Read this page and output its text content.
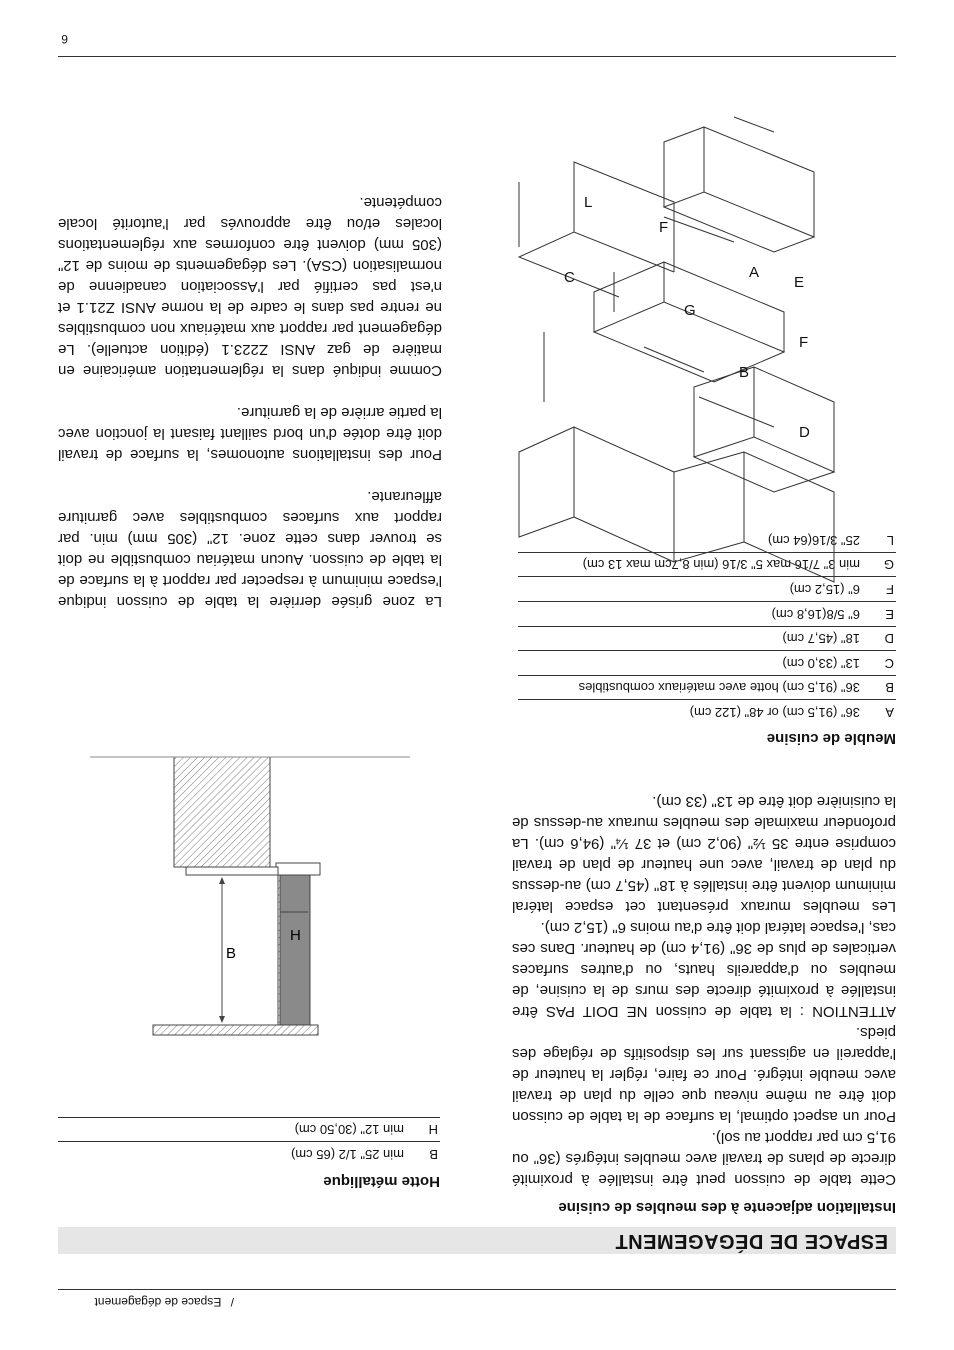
/ Espace de dégagement
ESPACE DE DÉGAGEMENT
Installation adjacente à des meubles de cuisine

Cette table de cuisson peut être installée à proximité directe de plans de travail avec meubles intégrés (36" ou 91,5 cm par rapport au sol).

Pour un aspect optimal, la surface de la table de cuisson doit être au même niveau que celle du plan de travail avec meuble intégré. Pour ce faire, régler la hauteur de l'appareil en agissant sur les dispositifs de réglage des pieds.

ATTENTION : la table de cuisson NE DOIT PAS être installée à proximité directe des murs de la cuisine, de meubles ou d'appareils hauts, ou d'autres surfaces verticales de plus de 36" (91,4 cm) de hauteur. Dans ces cas, l'espace latéral doit être d'au moins 6" (15,2 cm).

Les meubles muraux présentant cet espace latéral minimum doivent être installés à 18" (45,7 cm) au-dessus du plan de travail, avec une hauteur de plan de travail comprise entre 35 ½" (90,2 cm) et 37 ¼" (94,6 cm). La profondeur maximale des meubles muraux au-dessus de la cuisinière doit être de 13" (33 cm).

Hotte métallique
B
min 25" 1/2 (65 cm)
H
min 12" (30,50 cm)
Meuble de cuisine
A
36" (91,5 cm) or 48" (122 cm)
B
36" (91,5 cm) hotte avec matériaux combustibles
C
13" (33,0 cm)
D
18" (45,7 cm)
E
6" 5/8(16,8 cm)
F
6" (15,2 cm)
G
min 3" 7/16 max 5" 3/16 (min 8,7cm max 13 cm)
L
25" 3/16(64 cm)

La zone grisée derrière la table de cuisson indique l'espace minimum à respecter par rapport à la surface de la table de cuisson. Aucun matériau combustible ne doit se trouver dans cette zone. 12" (305 mm) min. par rapport aux surfaces combustibles avec garniture affleurante.

Pour des installations autonomes, la surface de travail doit être dotée d'un bord saillant faisant la jonction avec la partie arrière de la garniture.

Comme indiqué dans la réglementation américaine en matière de gaz ANSI Z223.1 (édition actuelle). Le dégagement par rapport aux matériaux non combustibles ne rentre pas dans le cadre de la norme ANSI Z21.1 et n'est pas certifié par l'Association canadienne de normalisation (CSA). Les dégagements de moins de 12" (305 mm) doivent être conformes aux réglementations locales et/ou être approuvés par l'autorité locale compétente.

B
H
D
B
F
E
G
A
F
C
L
6
